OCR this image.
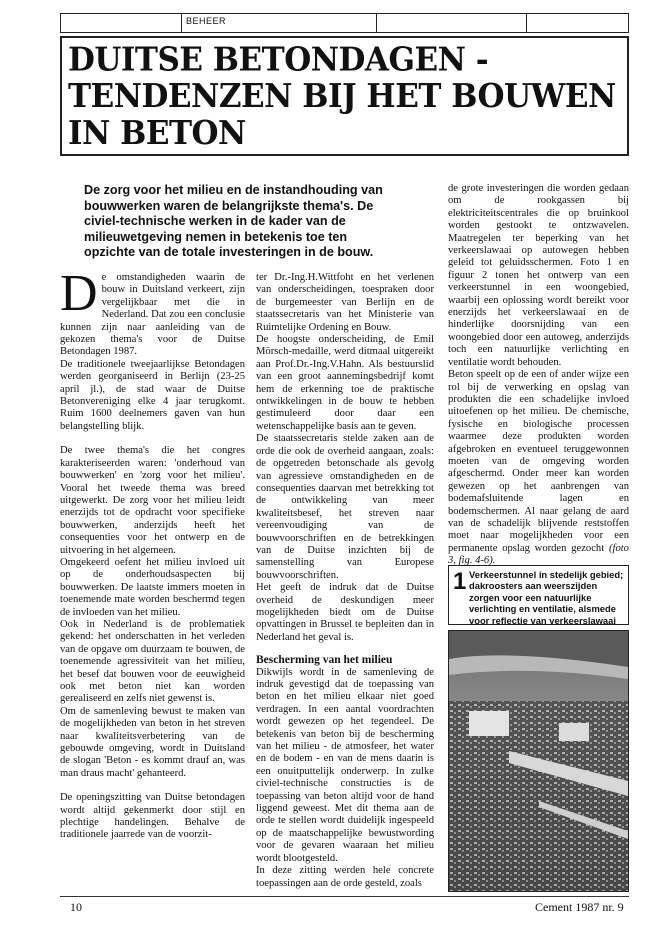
BEHEER
DUITSE BETONDAGEN - TENDENZEN BIJ HET BOUWEN IN BETON
De zorg voor het milieu en de instandhouding van bouwwerken waren de belangrijkste thema's. De civiel-technische werken in de kader van de milieuwetgeving nemen in betekenis toe ten opzichte van de totale investeringen in de bouw.

De omstandigheden waarin de bouw in Duitsland verkeert, zijn vergelijkbaar met die in Nederland. Dat zou een conclusie kunnen zijn naar aanleiding van de gekozen thema's voor de Duitse Betondagen 1987.

De traditionele tweejaarlijkse Betondagen werden georganiseerd in Berlijn (23-25 april jl.), de stad waar de Duitse Betonvereniging elke 4 jaar terugkomt. Ruim 1600 deelnemers gaven van hun belangstelling blijk.

De twee thema's die het congres karakteriseerden waren: 'onderhoud van bouwwerken' en 'zorg voor het milieu'. Vooral het tweede thema was breed uitgewerkt. De zorg voor het milieu leidt enerzijds tot de opdracht voor specifieke bouwwerken, anderzijds heeft het consequenties voor het ontwerp en de uitvoering in het algemeen.

Omgekeerd oefent het milieu invloed uit op de onderhoudsaspecten bij bouwwerken. De laatste immers moeten in toenemende mate worden beschermd tegen de invloeden van het milieu.

Ook in Nederland is de problematiek gekend: het onderschatten in het verleden van de opgave om duurzaam te bouwen, de toenemende agressiviteit van het milieu, het besef dat bouwen voor de eeuwigheid ook met beton niet kan worden gerealiseerd en zelfs niet gewenst is.

Om de samenleving bewust te maken van de mogelijkheden van beton in het streven naar kwaliteitsverbetering van de gebouwde omgeving, wordt in Duitsland de slogan 'Beton - es kommt drauf an, was man draus macht' gehanteerd.

De openingszitting van Duitse betondagen wordt altijd gekenmerkt door stijl en plechtige handelingen. Behalve de traditionele jaarrede van de voorzit-

ter Dr.-Ing.H.Wittfoht en het verlenen van onderscheidingen, toespraken door de burgemeester van Berlijn en de staatssecretaris van het Ministerie van Ruimtelijke Ordening en Bouw.

De hoogste onderscheiding, de Emil Mörsch-medaille, werd ditmaal uitgereikt aan Prof.Dr.-Ing.V.Hahn. Als bestuurslid van een groot aannemingsbedrijf komt hem de erkenning toe de praktische ontwikkelingen in de bouw te hebben gestimuleerd door daar een wetenschappelijke basis aan te geven.

De staatssecretaris stelde zaken aan de orde die ook de overheid aangaan, zoals: de opgetreden betonschade als gevolg van agressieve omstandigheden en de consequenties daarvan met betrekking tot de ontwikkeling van meer kwaliteitsbesef, het streven naar vereenvoudiging van de bouwvoorschriften en de betrekkingen van de Duitse inzichten bij de samenstelling van Europese bouwvoorschriften.

Het geeft de indruk dat de Duitse overheid de deskundigen meer mogelijkheden biedt om de Duitse opvattingen in Brussel te bepleiten dan in Nederland het geval is.

Bescherming van het milieu

Dikwijls wordt in de samenleving de indruk gevestigd dat de toepassing van beton en het milieu elkaar niet goed verdragen. In een aantal voordrachten wordt gewezen op het tegendeel. De betekenis van beton bij de bescherming van het milieu - de atmosfeer, het water en de bodem - en van de mens daarin is een onuitputtelijk onderwerp. In zulke civiel-technische constructies is de toepassing van beton altijd voor de hand liggend geweest. Met dit thema aan de orde te stellen wordt duidelijk ingespeeld op de maatschappelijke bewustwording voor de gevaren waaraan het milieu wordt blootgesteld.

In deze zitting werden hele concrete toepassingen aan de orde gesteld, zoals

de grote investeringen die worden gedaan om de rookgassen bij elektriciteitscentrales die op bruinkool worden gestookt te ontzwavelen. Maatregelen ter beperking van het verkeerslawaai op autowegen hebben geleid tot geluidsschermen. Foto 1 en figuur 2 tonen het ontwerp van een verkeerstunnel in een woongebied, waarbij een oplossing wordt bereikt voor enerzijds het verkeerslawaai en de hinderlijke doorsnijding van een woongebied door een autoweg, anderzijds toch een natuurlijke verlichting en ventilatie wordt behouden.

Beton speelt op de een of ander wijze een rol bij de verwerking en opslag van produkten die een schadelijke invloed uitoefenen op het milieu. De chemische, fysische en biologische processen waarmee deze produkten worden afgebroken en eventueel teruggewonnen moeten van de omgeving worden afgeschermd. Onder meer kan worden gewezen op het aanbrengen van bodemafsluitende lagen en bodemschermen. Al naar gelang de aard van de schadelijk blijvende reststoffen moet naar mogelijkheden voor een permanente opslag worden gezocht (foto 3, fig. 4-6).

1 Verkeerstunnel in stedelijk gebied; dakroosters aan weerszijden zorgen voor een natuurlijke verlichting en ventilatie, alsmede voor reflectie van verkeerslawaai
10	Cement 1987 nr. 9
